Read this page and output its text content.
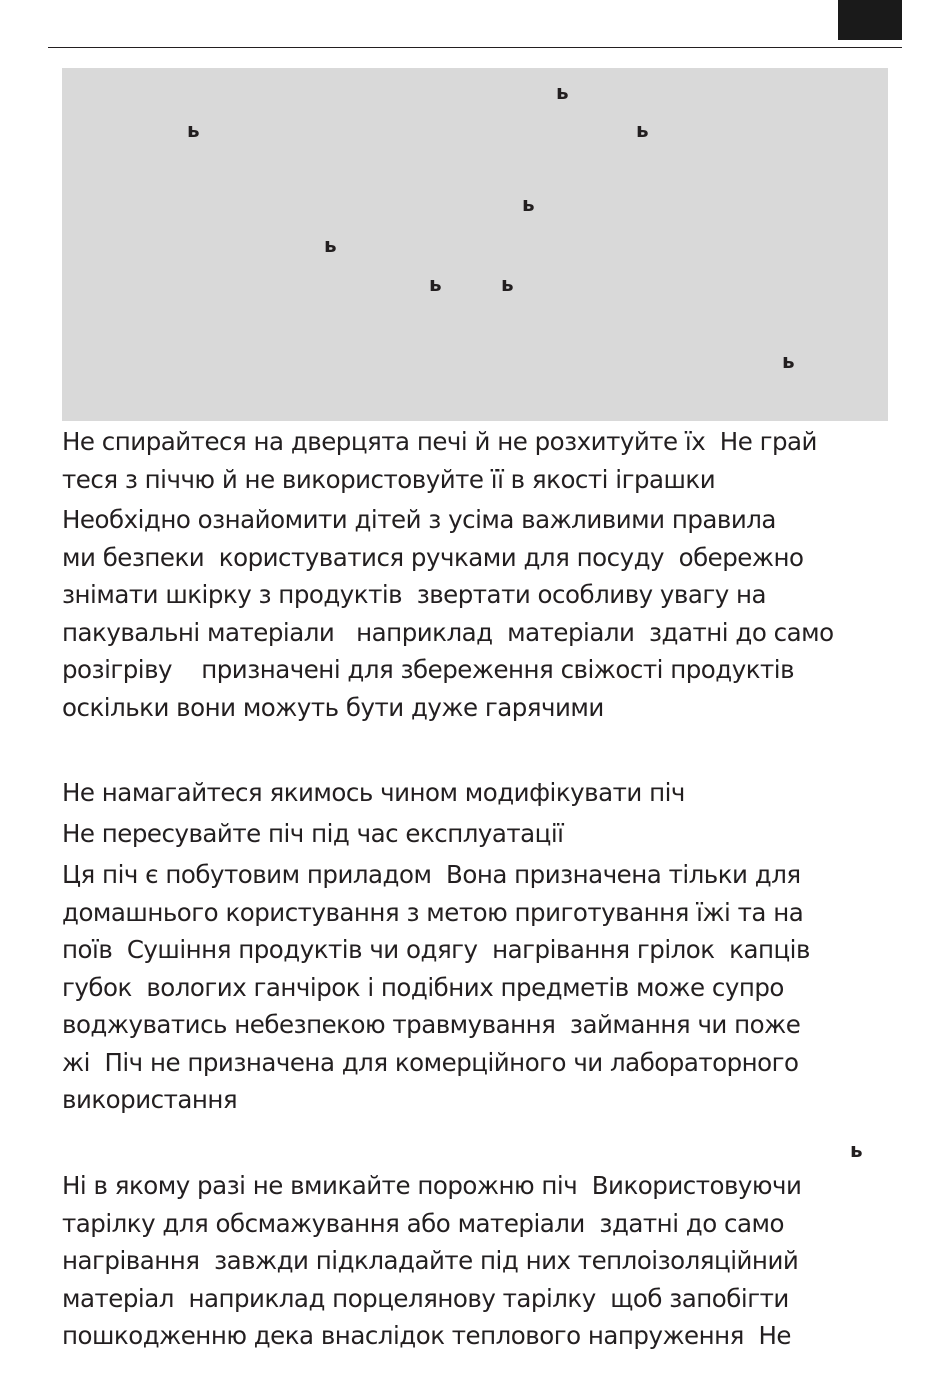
ь
ь	ь
ь
ь
ь	ь
ь

Не спирайтеся на дверцята печі й не розхитуйте їх  Не грай
теся з піччю й не використовуйте її в якості іграшки

Необхідно ознайомити дітей з усіма важливими правила
ми безпеки  користуватися ручками для посуду  обережно
знімати шкірку з продуктів  звертати особливу увагу на
пакувальні матеріали   наприклад  матеріали  здатні до само
розігріву    призначені для збереження свіжості продуктів
оскільки вони можуть бути дуже гарячими

Не намагайтеся якимось чином модифікувати піч

Не пересувайте піч під час експлуатації

Ця піч є побутовим приладом  Вона призначена тільки для
домашнього користування з метою приготування їжі та на
поїв  Сушіння продуктів чи одягу  нагрівання грілок  капців
губок  вологих ганчірок і подібних предметів може супро
воджуватись небезпекою травмування  займання чи поже
жі  Піч не призначена для комерційного чи лабораторного
використання

ь

Ні в якому разі не вмикайте порожню піч  Використовуючи
тарілку для обсмажування або матеріали  здатні до само
нагрівання  завжди підкладайте під них теплоізоляційний
матеріал  наприклад порцелянову тарілку  щоб запобігти
пошкодженню дека внаслідок теплового напруження  Не
